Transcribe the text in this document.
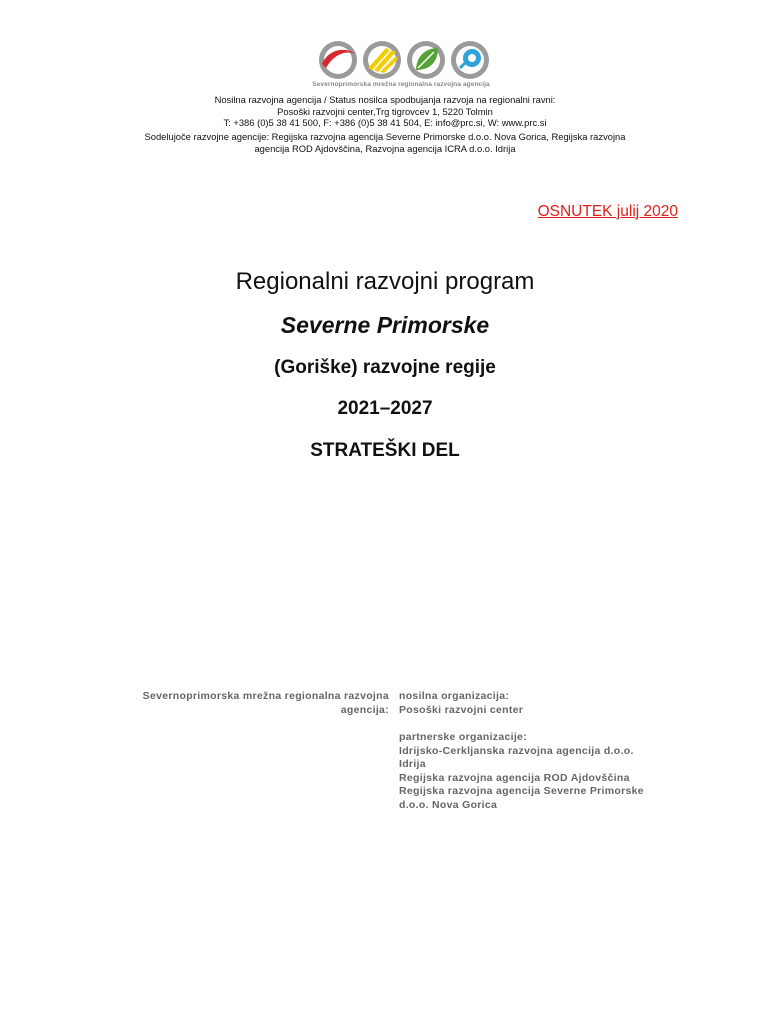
Severnoprimorska mrežna regionalna razvojna agencija
Nosilna razvojna agencija / Status nosilca spodbujanja razvoja na regionalni ravni:
Posoški razvojni center,Trg tigrovcev 1, 5220 Tolmin
T: +386 (0)5 38 41 500, F: +386 (0)5 38 41 504, E: info@prc.si, W: www.prc.si
Sodelujoče razvojne agencije: Regijska razvojna agencija Severne Primorske d.o.o. Nova Gorica, Regijska razvojna
agencija ROD Ajdovščina, Razvojna agencija ICRA d.o.o. Idrija
OSNUTEK julij 2020
Regionalni razvojni program
Severne Primorske
(Goriške) razvojne regije
2021–2027
STRATEŠKI DEL
Severnoprimorska mrežna regionalna razvojna
agencija:
nosilna organizacija:
Posoški razvojni center
partnerske organizacije:
Idrijsko-Cerkljanska razvojna agencija d.o.o.
Idrija
Regijska razvojna agencija ROD Ajdovščina
Regijska razvojna agencija Severne Primorske
d.o.o. Nova Gorica
